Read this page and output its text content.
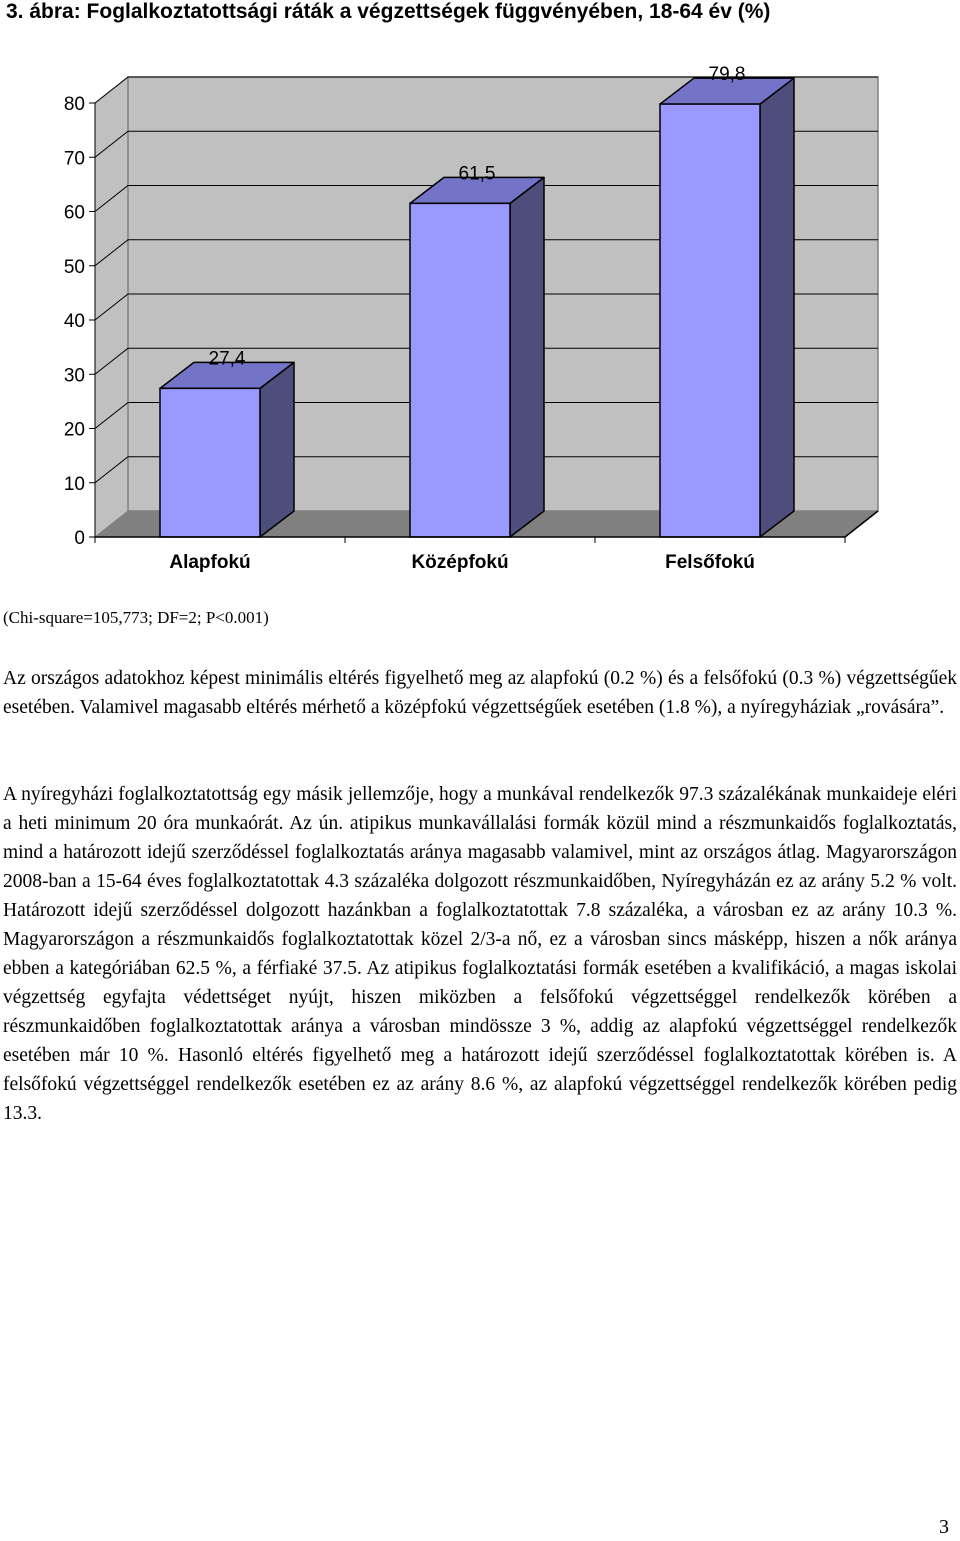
3. ábra: Foglalkoztatottsági ráták a végzettségek függvényében, 18-64 év (%)
27,4
61,5
79,8
0
10
20
30
40
50
60
70
80
Alapfokú	Középfokú	Felsőfokú
(Chi-square=105,773; DF=2; P<0.001)

Az országos adatokhoz képest minimális eltérés figyelhető meg az alapfokú (0.2 %) és a felsőfokú (0.3 %) végzettségűek esetében. Valamivel magasabb eltérés mérhető a középfokú végzettségűek esetében (1.8 %), a nyíregyháziak „rovására”.

A nyíregyházi foglalkoztatottság egy másik jellemzője, hogy a munkával rendelkezők 97.3 százalékának munkaideje eléri a heti minimum 20 óra munkaórát. Az ún. atipikus munkavállalási formák közül mind a részmunkaidős foglalkoztatás, mind a határozott idejű szerződéssel foglalkoztatás aránya magasabb valamivel, mint az országos átlag. Magyarországon 2008-ban a 15-64 éves foglalkoztatottak 4.3 százaléka dolgozott részmunkaidőben, Nyíregyházán ez az arány 5.2 % volt. Határozott idejű szerződéssel dolgozott hazánkban a foglalkoztatottak 7.8 százaléka, a városban ez az arány 10.3 %. Magyarországon a részmunkaidős foglalkoztatottak közel 2/3-a nő, ez a városban sincs másképp, hiszen a nők aránya ebben a kategóriában 62.5 %, a férfiaké 37.5. Az atipikus foglalkoztatási formák esetében a kvalifikáció, a magas iskolai végzettség egyfajta védettséget nyújt, hiszen miközben a felsőfokú végzettséggel rendelkezők körében a részmunkaidőben foglalkoztatottak aránya a városban mindössze 3 %, addig az alapfokú végzettséggel rendelkezők esetében már 10 %. Hasonló eltérés figyelhető meg a határozott idejű szerződéssel foglalkoztatottak körében is. A felsőfokú végzettséggel rendelkezők esetében ez az arány 8.6 %, az alapfokú végzettséggel rendelkezők körében pedig 13.3.

3
